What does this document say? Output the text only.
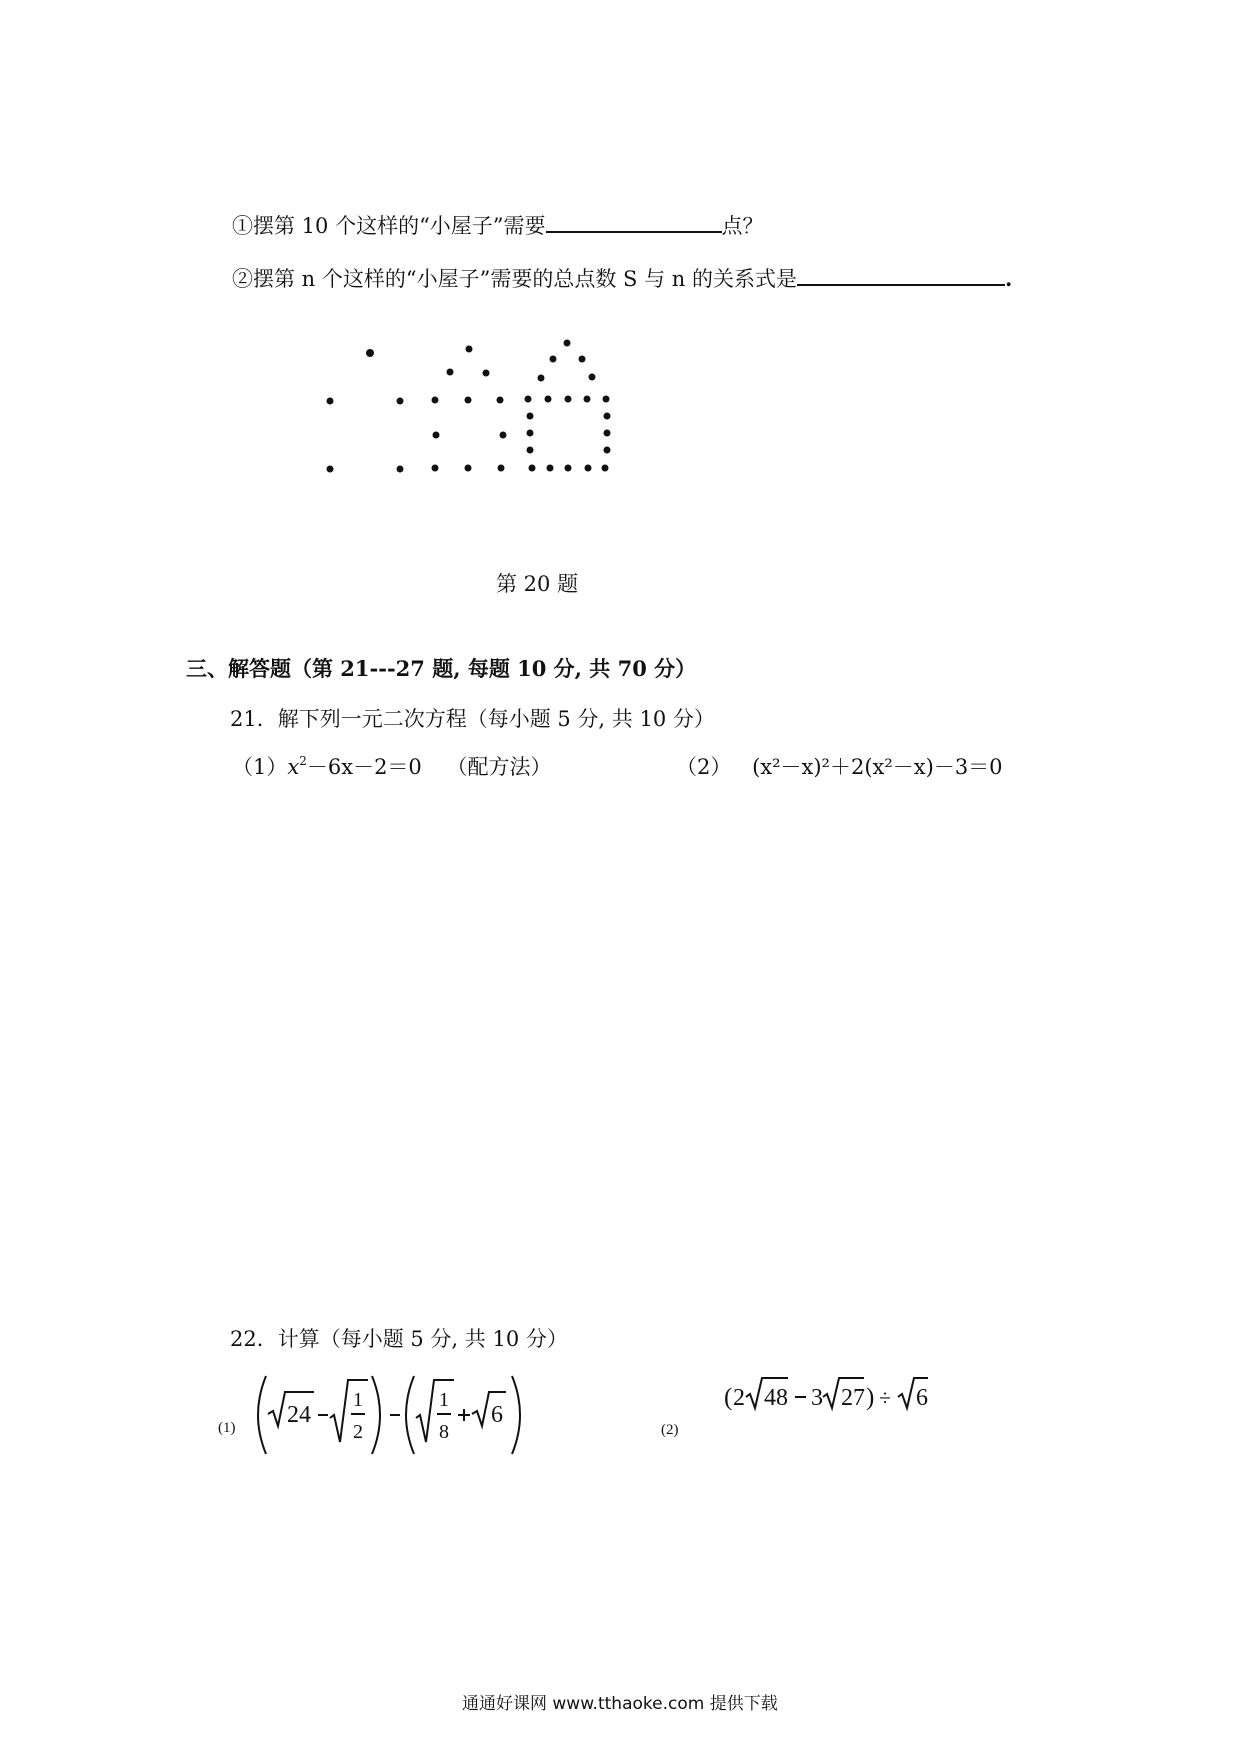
①摆第 10 个这样的“小屋子”需要	点？
②摆第 n 个这样的“小屋子”需要的总点数 S 与 n 的关系式是	.
第 20 题
三、解答题（第 21---27 题, 每题 10 分, 共 70 分）
21．解下列一元二次方程（每小题 5 分, 共 10 分）
$(1)x^2-6x-2=0$ （配方法）	（2） (x²－x)²＋2(x²－x)－3＝0
22．计算（每小题 5 分, 共 10 分）
(1) 24
1
2
1
8
6
(2)
( 2 48 3 27 ) ÷ 6
通通好课网 www.tthaoke.com 提供下载
